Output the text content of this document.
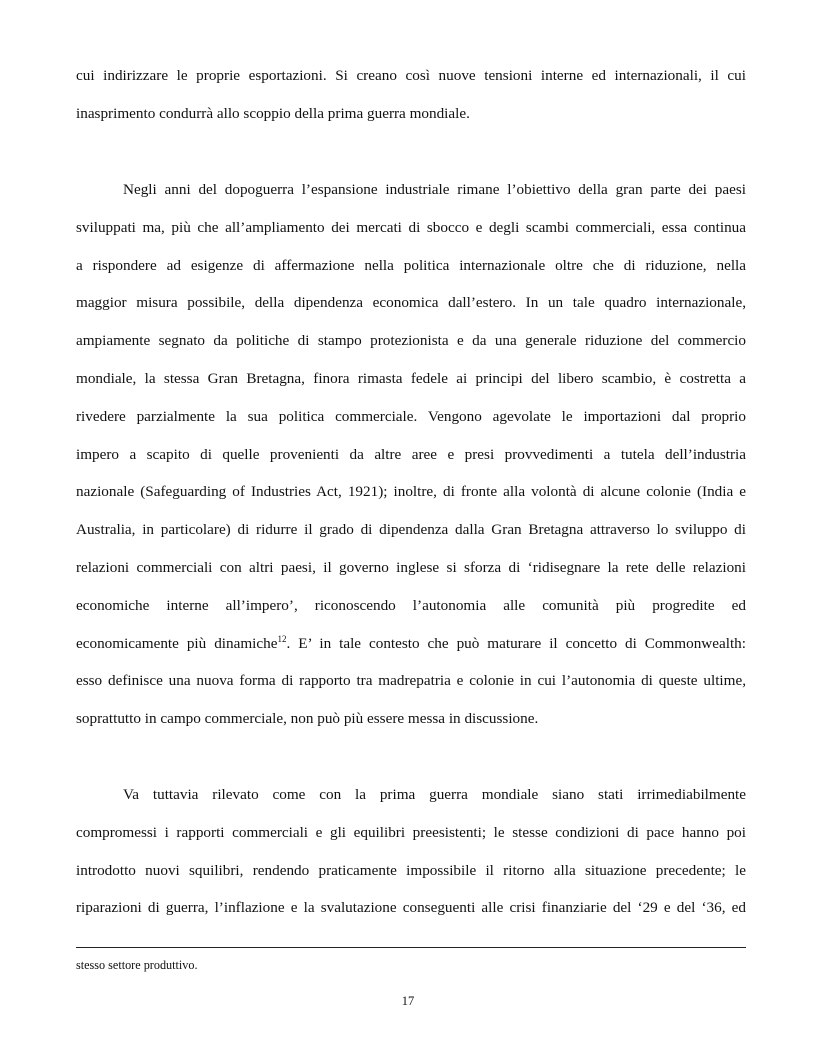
cui indirizzare le proprie esportazioni. Si creano così nuove tensioni interne ed internazionali, il cui
inasprimento condurrà allo scoppio della prima guerra mondiale.
Negli anni del dopoguerra l’espansione industriale rimane l’obiettivo della gran parte dei paesi
sviluppati ma, più che all’ampliamento dei mercati di sbocco e degli scambi commerciali, essa continua
a rispondere ad esigenze di affermazione nella politica internazionale oltre che di riduzione, nella
maggior misura possibile, della dipendenza economica dall’estero. In un tale quadro internazionale,
ampiamente segnato da politiche di stampo protezionista e da una generale riduzione del commercio
mondiale, la stessa Gran Bretagna, finora rimasta fedele ai principi del libero scambio, è costretta a
rivedere parzialmente la sua politica commerciale. Vengono agevolate le importazioni dal proprio
impero a scapito di quelle provenienti da altre aree e presi provvedimenti a tutela dell’industria
nazionale (Safeguarding of Industries Act, 1921); inoltre, di fronte alla volontà di alcune colonie (India e
Australia, in particolare) di ridurre il grado di dipendenza dalla Gran Bretagna attraverso lo sviluppo di
relazioni commerciali con altri paesi, il governo inglese si sforza di ‘ridisegnare la rete delle relazioni
economiche interne all’impero’, riconoscendo l’autonomia alle comunità più progredite ed
economicamente più dinamiche$^{12}$. E’ in tale contesto che può maturare il concetto di Commonwealth:
esso definisce una nuova forma di rapporto tra madrepatria e colonie in cui l’autonomia di queste ultime,
soprattutto in campo commerciale, non può più essere messa in discussione.
Va tuttavia rilevato come con la prima guerra mondiale siano stati irrimediabilmente
compromessi i rapporti commerciali e gli equilibri preesistenti; le stesse condizioni di pace hanno poi
introdotto nuovi squilibri, rendendo praticamente impossibile il ritorno alla situazione precedente; le
riparazioni di guerra, l’inflazione e la svalutazione conseguenti alle crisi finanziarie del ‘29 e del ‘36, ed
stesso settore produttivo.
17
